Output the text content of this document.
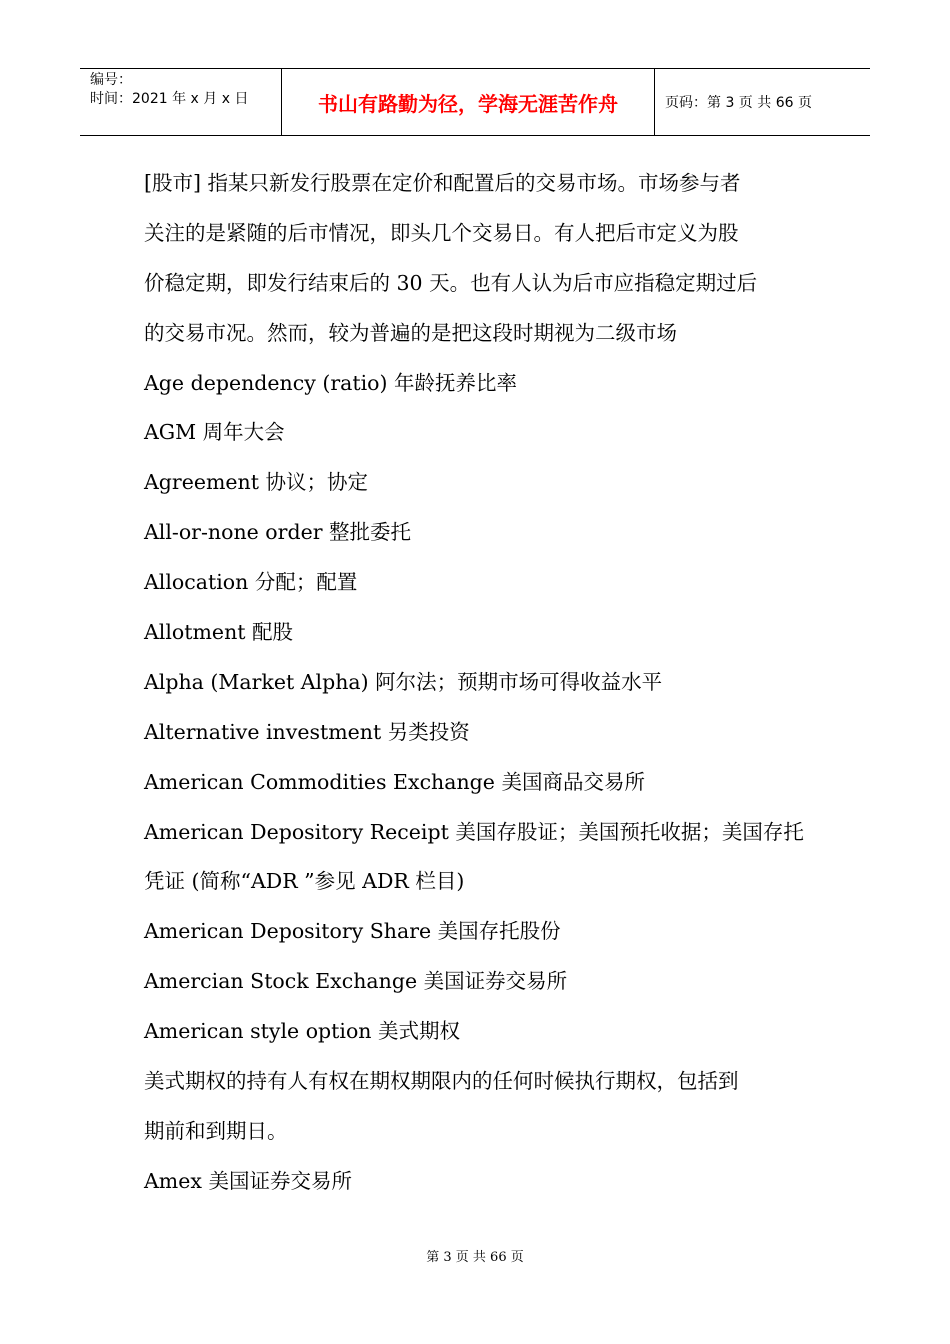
编号：
时间：2021 年 x 月 x 日	书山有路勤为径，学海无涯苦作舟	页码：第 3 页 共 66 页
[股市] 指某只新发行股票在定价和配置后的交易市场。市场参与者
关注的是紧随的后市情况，即头几个交易日。有人把后市定义为股
价稳定期，即发行结束后的 30 天。也有人认为后市应指稳定期过后
的交易市况。然而，较为普遍的是把这段时期视为二级市场
Age dependency (ratio) 年龄抚养比率
AGM 周年大会
Agreement 协议；协定
All-or-none order 整批委托
Allocation 分配；配置
Allotment 配股
Alpha (Market Alpha) 阿尔法；预期市场可得收益水平
Alternative investment 另类投资
American Commodities Exchange 美国商品交易所
American Depository Receipt 美国存股证；美国预托收据；美国存托
凭证 (简称“ADR ”参见 ADR 栏目)
American Depository Share 美国存托股份
Amercian Stock Exchange 美国证券交易所
American style option 美式期权
美式期权的持有人有权在期权期限内的任何时候执行期权，包括到
期前和到期日。
Amex 美国证券交易所
第 3 页 共 66 页
